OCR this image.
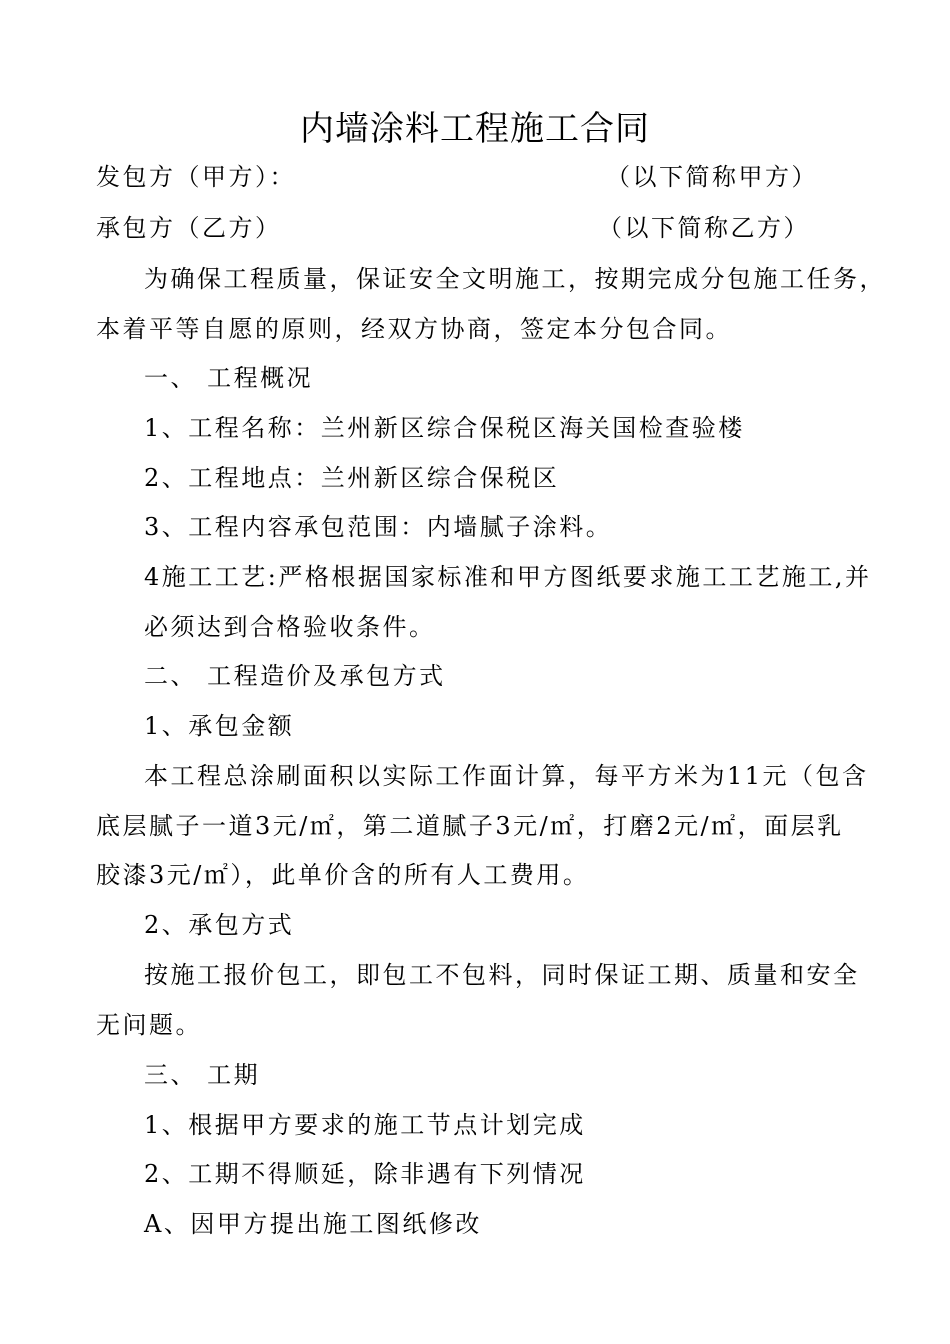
内墙涂料工程施工合同
发包方（甲方）：	（以下简称甲方）
承包方（乙方）	（以下简称乙方）
为确保工程质量，保证安全文明施工，按期完成分包施工任务，
本着平等自愿的原则，经双方协商，签定本分包合同。
一、 工程概况
1、工程名称：兰州新区综合保税区海关国检查验楼
2、工程地点：兰州新区综合保税区
3、工程内容承包范围：内墙腻子涂料。
4施工工艺:严格根据国家标准和甲方图纸要求施工工艺施工,并
必须达到合格验收条件。
二、 工程造价及承包方式
1、承包金额
本工程总涂刷面积以实际工作面计算，每平方米为11元（包含
底层腻子一道3元/㎡，第二道腻子3元/㎡，打磨2元/㎡，面层乳
胶漆3元/㎡），此单价含的所有人工费用。
2、承包方式
按施工报价包工，即包工不包料，同时保证工期、质量和安全
无问题。
三、 工期
1、根据甲方要求的施工节点计划完成
2、工期不得顺延，除非遇有下列情况
A、因甲方提出施工图纸修改
